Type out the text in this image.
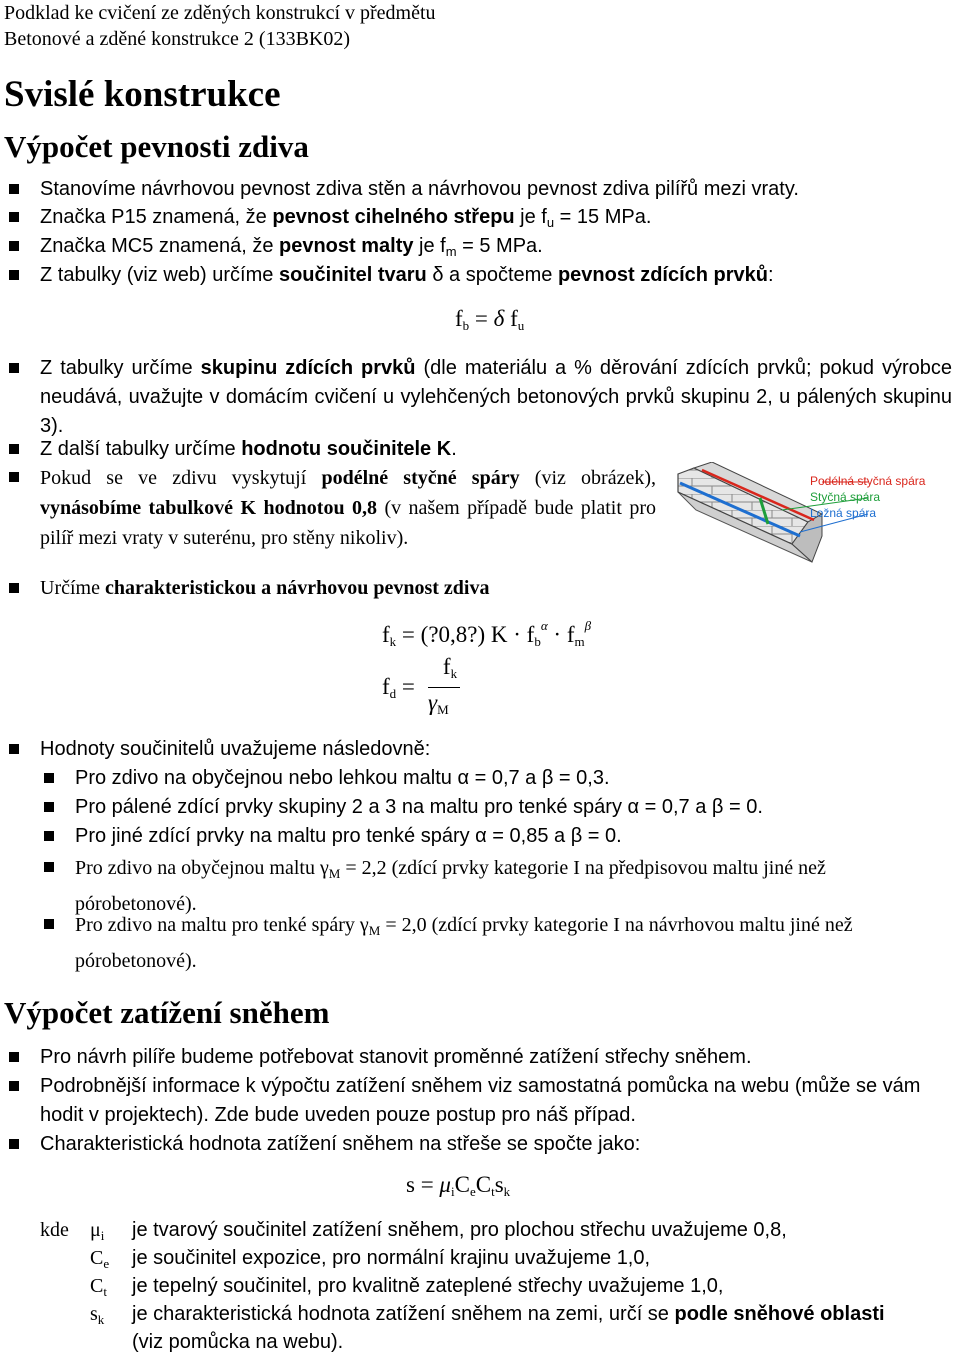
Podklad ke cvičení ze zděných konstrukcí v předmětu
Betonové a zděné konstrukce 2 (133BK02)
Svislé konstrukce
Výpočet pevnosti zdiva
Stanovíme návrhovou pevnost zdiva stěn a návrhovou pevnost zdiva pilířů mezi vraty.
Značka P15 znamená, že pevnost cihelného střepu je $f_u = 15$ MPa.
Značka MC5 znamená, že pevnost malty je $f_m = 5$ MPa.
Z tabulky (viz web) určíme součinitel tvaru δ a spočteme pevnost zdících prvků:
$f_b = \delta$ $f_u$
Z tabulky určíme skupinu zdících prvků (dle materiálu a % děrování zdících prvků; pokud výrobce neudává, uvažujte v domácím cvičení u vylehčených betonových prvků skupinu 2, u pálených skupinu 3).
Z další tabulky určíme hodnotu součinitele K.
Pokud se ve zdivu vyskytují podélné styčné spáry (viz obrázek), vynásobíme tabulkové K hodnotou 0,8 (v našem případě bude platit pro pilíř mezi vraty v suterénu, pro stěny nikoliv).
Podélná styčná spára
Styčná spára
Ložná spára
Určíme charakteristickou a návrhovou pevnost zdiva
$f_k$ = (?0,8?) $K \cdot f_b^\alpha \cdot f_m^\beta$
$f_d$ =
$f_k$
$\gamma_M$
Hodnoty součinitelů uvažujeme následovně:
Pro zdivo na obyčejnou nebo lehkou maltu α = 0,7 a β = 0,3.
Pro pálené zdící prvky skupiny 2 a 3 na maltu pro tenké spáry α = 0,7 a β = 0.
Pro jiné zdící prvky na maltu pro tenké spáry α = 0,85 a β = 0.
Pro zdivo na obyčejnou maltu $\gamma_M = 2,2$ (zdící prvky kategorie I na předpisovou maltu jiné než pórobetonové).
Pro zdivo na maltu pro tenké spáry $\gamma_M = 2,0$ (zdící prvky kategorie I na návrhovou maltu jiné než pórobetonové).
Výpočet zatížení sněhem
Pro návrh pilíře budeme potřebovat stanovit proměnné zatížení střechy sněhem.
Podrobnější informace k výpočtu zatížení sněhem viz samostatná pomůcka na webu (může se vám hodit v projektech). Zde bude uveden pouze postup pro náš případ.
Charakteristická hodnota zatížení sněhem na střeše se spočte jako:
$s = \mu_iC_eC_ts_k$
kde $\mu_i$ je tvarový součinitel zatížení sněhem, pro plochou střechu uvažujeme 0,8,
$C_e$ je součinitel expozice, pro normální krajinu uvažujeme 1,0,
$C_t$ je tepelný součinitel, pro kvalitně zateplené střechy uvažujeme 1,0,
$s_k$ je charakteristická hodnota zatížení sněhem na zemi, určí se podle sněhové oblasti
(viz pomůcka na webu).
